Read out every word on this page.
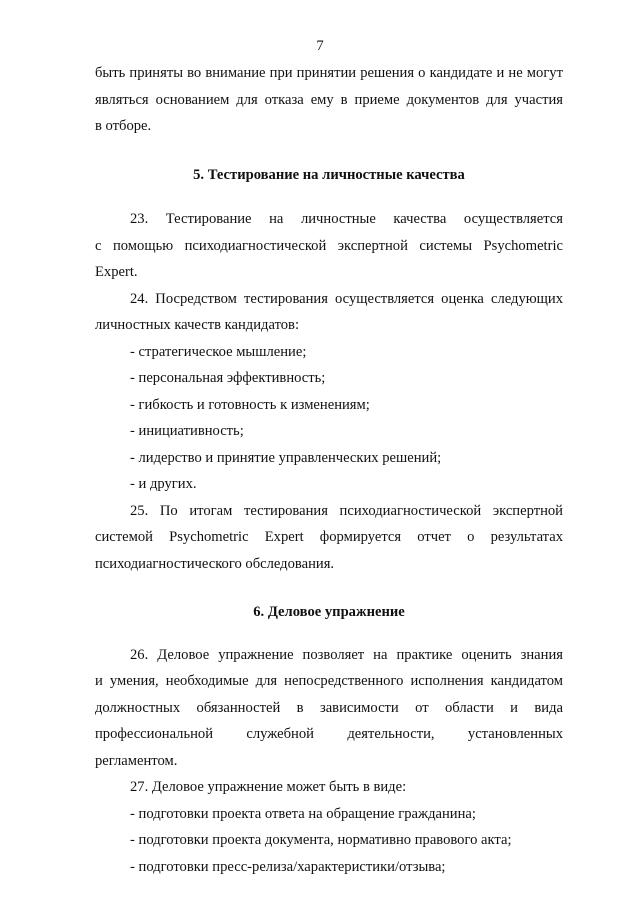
7
быть приняты во внимание при принятии решения о кандидате и не могут
являться основанием для отказа ему в приеме документов для участия
в отборе.
5. Тестирование на личностные качества
23. Тестирование на личностные качества осуществляется
с помощью психодиагностической экспертной системы Psychometric
Expert.
24. Посредством тестирования осуществляется оценка следующих
личностных качеств кандидатов:
- стратегическое мышление;
- персональная эффективность;
- гибкость и готовность к изменениям;
- инициативность;
- лидерство и принятие управленческих решений;
- и других.
25. По итогам тестирования психодиагностической экспертной
системой Psychometric Expert формируется отчет о результатах
психодиагностического обследования.
6. Деловое упражнение
26. Деловое упражнение позволяет на практике оценить знания
и умения, необходимые для непосредственного исполнения кандидатом
должностных обязанностей в зависимости от области и вида
профессиональной служебной деятельности, установленных
регламентом.
27. Деловое упражнение может быть в виде:
- подготовки проекта ответа на обращение гражданина;
- подготовки проекта документа, нормативно правового акта;
- подготовки пресс-релиза/характеристики/отзыва;
